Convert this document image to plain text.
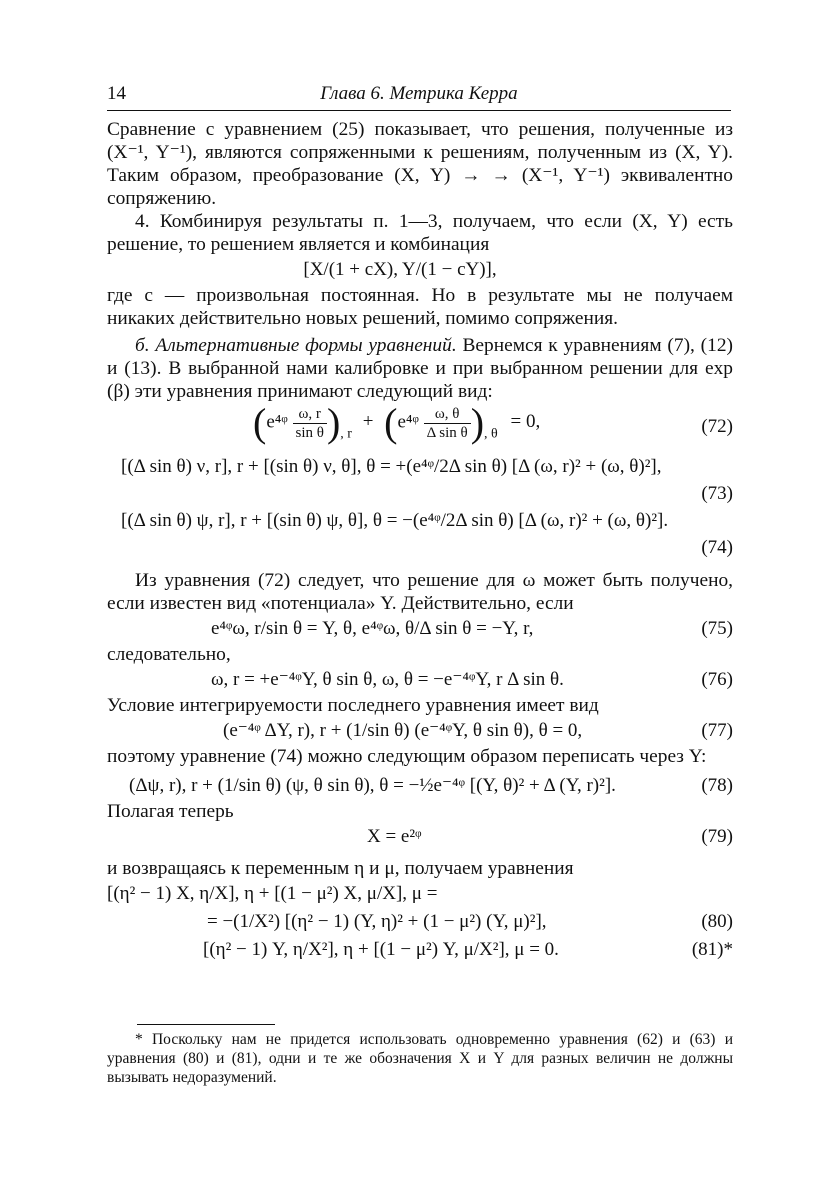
14	Глава 6. Метрика Керра

Сравнение с уравнением (25) показывает, что решения, полученные из (X⁻¹, Y⁻¹), являются сопряженными к решениям, полученным из (X, Y). Таким образом, преобразование (X, Y) → → (X⁻¹, Y⁻¹) эквивалентно сопряжению.

4. Комбинируя результаты п. 1—3, получаем, что если (X, Y) есть решение, то решением является и комбинация

[X/(1 + cX), Y/(1 − cY)],

где c — произвольная постоянная. Но в результате мы не получаем никаких действительно новых решений, помимо сопряжения.

б. Альтернативные формы уравнений. Вернемся к уравнениям (7), (12) и (13). В выбранной нами калибровке и при выбранном решении для exp (β) эти уравнения принимают следующий вид:

(e⁴ᵠ $\frac{\omega, r}{\text{sin θ}} )_{, r}$ + (e⁴ᵠ $\frac{\omega, \theta}{\text{Δ sin θ}} )_{, \theta} = 0$,	(72)
[(Δ sin θ) ν, r], r + [(sin θ) ν, θ], θ = +(e⁴ᵠ/2Δ sin θ) [Δ (ω, r)² + (ω, θ)²],
(73)
[(Δ sin θ) ψ, r], r + [(sin θ) ψ, θ], θ = −(e⁴ᵠ/2Δ sin θ) [Δ (ω, r)² + (ω, θ)²].
(74)

Из уравнения (72) следует, что решение для ω может быть получено, если известен вид «потенциала» Y. Действительно, если

e⁴ᵠω, r/sin θ = Y, θ, e⁴ᵠω, θ/Δ sin θ = −Y, r,	(75)

следовательно,

ω, r = +e⁻⁴ᵠY, θ sin θ, ω, θ = −e⁻⁴ᵠY, r Δ sin θ.	(76)

Условие интегрируемости последнего уравнения имеет вид

(e⁻⁴ᵠ ΔY, r), r + (1/sin θ) (e⁻⁴ᵠY, θ sin θ), θ = 0,	(77)

поэтому уравнение (74) можно следующим образом переписать через Y:

(Δψ, r), r + (1/sin θ) (ψ, θ sin θ), θ = −½e⁻⁴ᵠ [(Y, θ)² + Δ (Y, r)²].	(78)

Полагая теперь

X = e²ᵠ	(79)

и возвращаясь к переменным η и μ, получаем уравнения

[(η² − 1) X, η/X], η + [(1 − μ²) X, μ/X], μ =
= −(1/X²) [(η² − 1) (Y, η)² + (1 − μ²) (Y, μ)²],	(80)
[(η² − 1) Y, η/X²], η + [(1 − μ²) Y, μ/X²], μ = 0.	(81)*

* Поскольку нам не придется использовать одновременно уравнения (62) и (63) и уравнения (80) и (81), одни и те же обозначения X и Y для разных величин не должны вызывать недоразумений.
